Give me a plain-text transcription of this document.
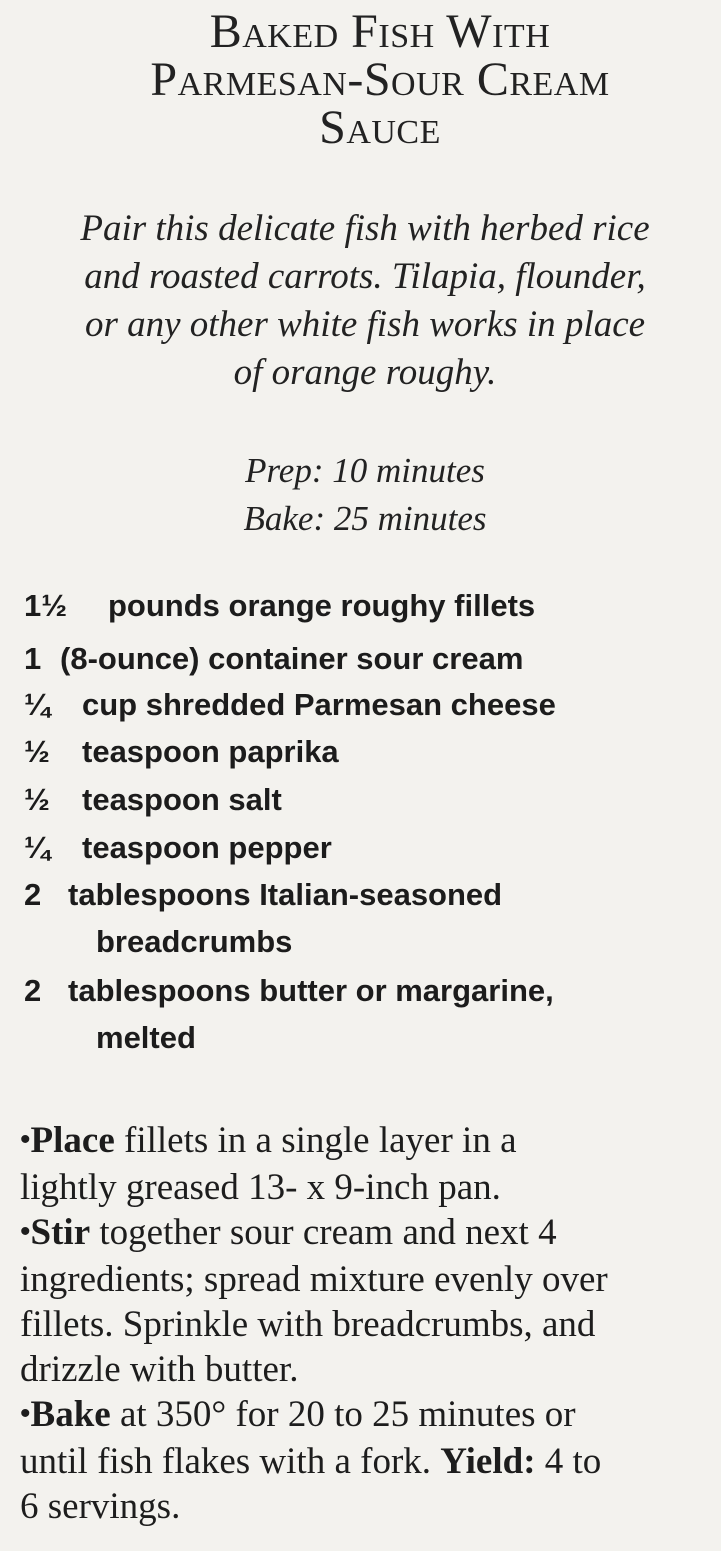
Baked Fish With
Parmesan-Sour Cream
Sauce
Pair this delicate fish with herbed rice
and roasted carrots. Tilapia, flounder,
or any other white fish works in place
of orange roughy.
Prep: 10 minutes
Bake: 25 minutes
1½ pounds orange roughy fillets
1 (8-ounce) container sour cream
¼ cup shredded Parmesan cheese
½ teaspoon paprika
½ teaspoon salt
¼ teaspoon pepper
2 tablespoons Italian-seasoned
breadcrumbs
2 tablespoons butter or margarine,
melted
•Place fillets in a single layer in a
lightly greased 13- x 9-inch pan.
•Stir together sour cream and next 4
ingredients; spread mixture evenly over
fillets. Sprinkle with breadcrumbs, and
drizzle with butter.
•Bake at 350° for 20 to 25 minutes or
until fish flakes with a fork. Yield: 4 to
6 servings.
